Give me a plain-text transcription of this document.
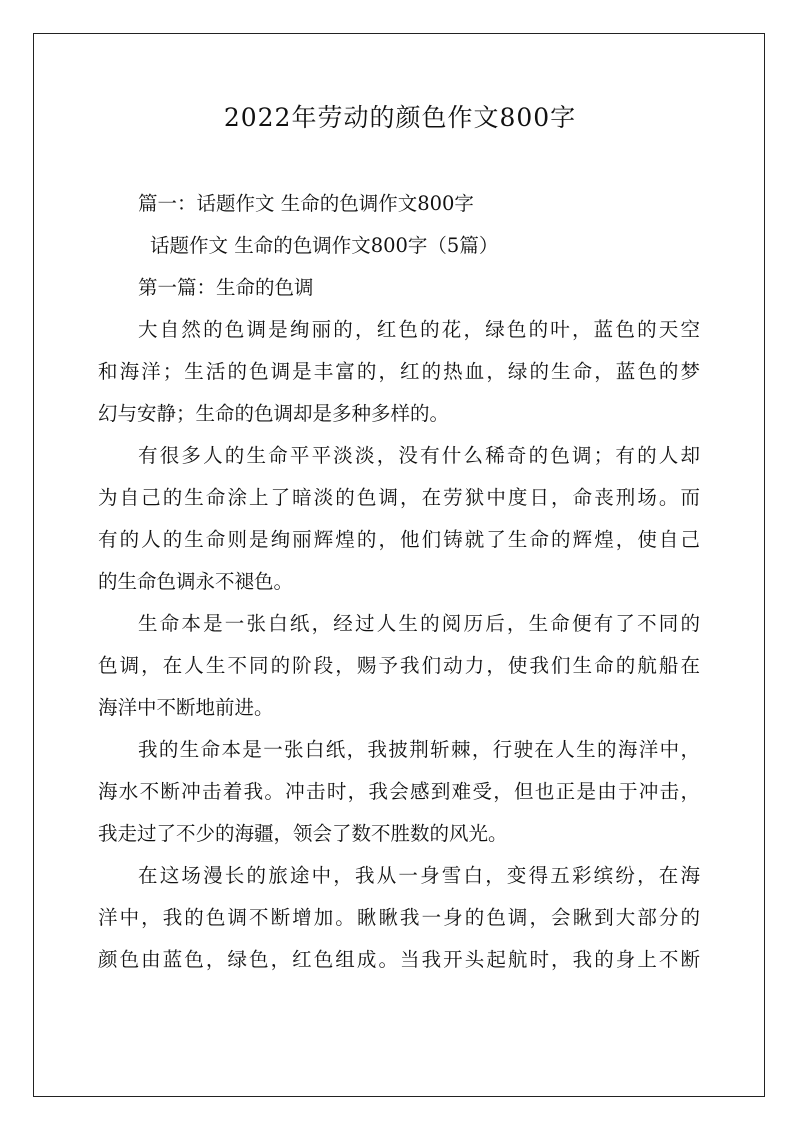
2022年劳动的颜色作文800字

篇一：话题作文 生命的色调作文800字

话题作文 生命的色调作文800字（5篇）

第一篇：生命的色调

大自然的色调是绚丽的，红色的花，绿色的叶，蓝色的天空

和海洋；生活的色调是丰富的，红的热血，绿的生命，蓝色的梦

幻与安静；生命的色调却是多种多样的。

有很多人的生命平平淡淡，没有什么稀奇的色调；有的人却

为自己的生命涂上了暗淡的色调，在劳狱中度日，命丧刑场。而

有的人的生命则是绚丽辉煌的，他们铸就了生命的辉煌，使自己

的生命色调永不褪色。

生命本是一张白纸，经过人生的阅历后，生命便有了不同的

色调，在人生不同的阶段，赐予我们动力，使我们生命的航船在

海洋中不断地前进。

我的生命本是一张白纸，我披荆斩棘，行驶在人生的海洋中，

海水不断冲击着我。冲击时，我会感到难受，但也正是由于冲击，

我走过了不少的海疆，领会了数不胜数的风光。

在这场漫长的旅途中，我从一身雪白，变得五彩缤纷，在海

洋中，我的色调不断增加。瞅瞅我一身的色调，会瞅到大部分的

颜色由蓝色，绿色，红色组成。当我开头起航时，我的身上不断
